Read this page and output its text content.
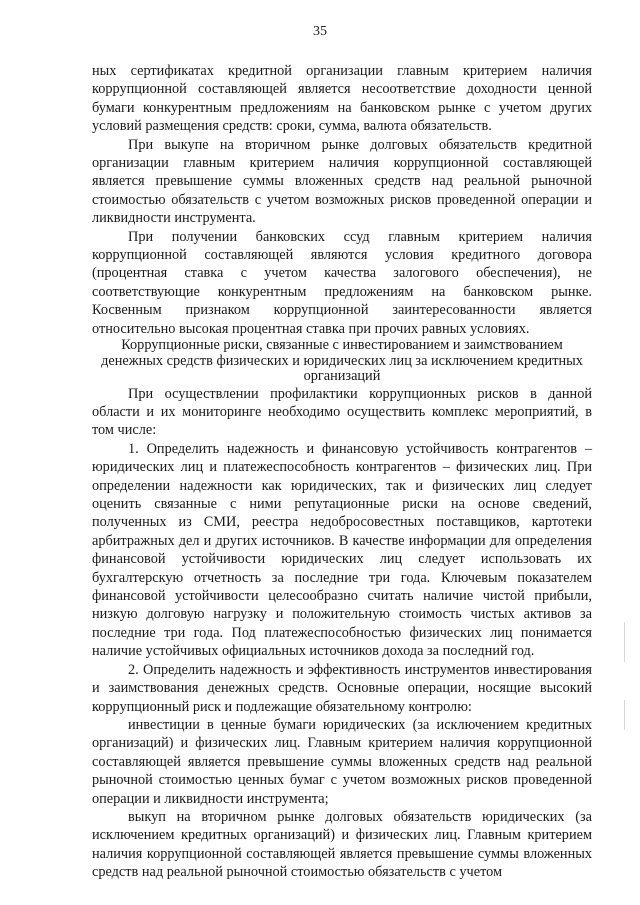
35

ных сертификатах кредитной организации главным критерием наличия коррупционной составляющей является несоответствие доходности ценной бумаги конкурентным предложениям на банковском рынке с учетом других условий размещения средств: сроки, сумма, валюта обязательств.

При выкупе на вторичном рынке долговых обязательств кредитной организации главным критерием наличия коррупционной составляющей является превышение суммы вложенных средств над реальной рыночной стоимостью обязательств с учетом возможных рисков проведенной операции и ликвидности инструмента.

При получении банковских ссуд главным критерием наличия коррупционной составляющей являются условия кредитного договора (процентная ставка с учетом качества залогового обеспечения), не соответствующие конкурентным предложениям на банковском рынке. Косвенным признаком коррупционной заинтересованности является относительно высокая процентная ставка при прочих равных условиях.

Коррупционные риски, связанные с инвестированием и заимствованием денежных средств физических и юридических лиц за исключением кредитных организаций

При осуществлении профилактики коррупционных рисков в данной области и их мониторинге необходимо осуществить комплекс мероприятий, в том числе:

1. Определить надежность и финансовую устойчивость контрагентов – юридических лиц и платежеспособность контрагентов – физических лиц. При определении надежности как юридических, так и физических лиц следует оценить связанные с ними репутационные риски на основе сведений, полученных из СМИ, реестра недобросовестных поставщиков, картотеки арбитражных дел и других источников. В качестве информации для определения финансовой устойчивости юридических лиц следует использовать их бухгалтерскую отчетность за последние три года. Ключевым показателем финансовой устойчивости целесообразно считать наличие чистой прибыли, низкую долговую нагрузку и положительную стоимость чистых активов за последние три года. Под платежеспособностью физических лиц понимается наличие устойчивых официальных источников дохода за последний год.

2. Определить надежность и эффективность инструментов инвестирования и заимствования денежных средств. Основные операции, носящие высокий коррупционный риск и подлежащие обязательному контролю:

инвестиции в ценные бумаги юридических (за исключением кредитных организаций) и физических лиц. Главным критерием наличия коррупционной составляющей является превышение суммы вложенных средств над реальной рыночной стоимостью ценных бумаг с учетом возможных рисков проведенной операции и ликвидности инструмента;

выкуп на вторичном рынке долговых обязательств юридических (за исключением кредитных организаций) и физических лиц. Главным критерием наличия коррупционной составляющей является превышение суммы вложенных средств над реальной рыночной стоимостью обязательств с учетом
